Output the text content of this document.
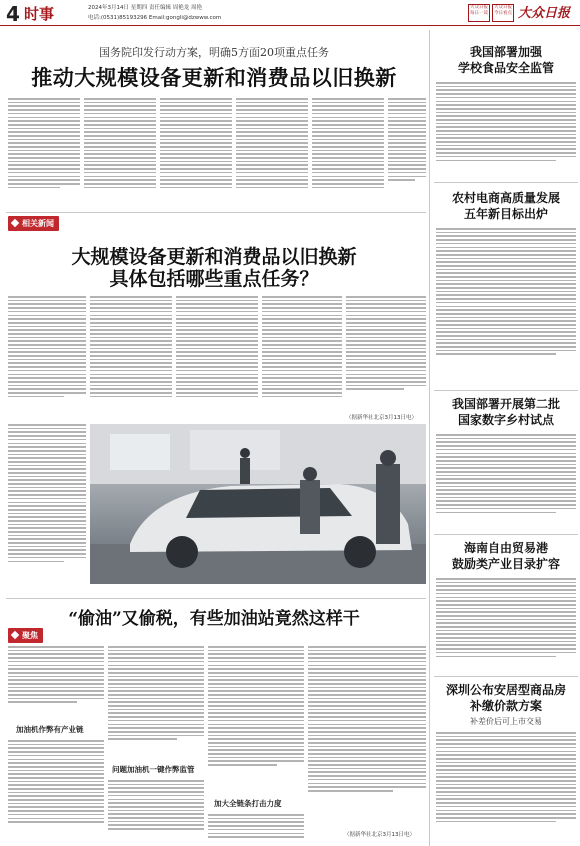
4 时事	2024年3月14日 星期四 责任编辑 周艳龙 周艳
电话:(0531)85193296 Email:gongli@dzwww.com
大众日报 每日一读
大众日报 今日看点 大众日报
国务院印发行动方案，明确5方面20项重点任务
推动大规模设备更新和消费品以旧换新
相关新闻
大规模设备更新和消费品以旧换新
具体包括哪些重点任务？
（据新华社北京3月13日电）
“偷油”又偷税，有些加油站竟然这样干
聚焦
加油机作弊有产业链
问题加油机一键作弊监管
加大全链条打击力度
（据新华社北京3月13日电）
我国部署加强
学校食品安全监管
农村电商高质量发展
五年新目标出炉
我国部署开展第二批
国家数字乡村试点
海南自由贸易港
鼓励类产业目录扩容
深圳公布安居型商品房
补缴价款方案
补差价后可上市交易
